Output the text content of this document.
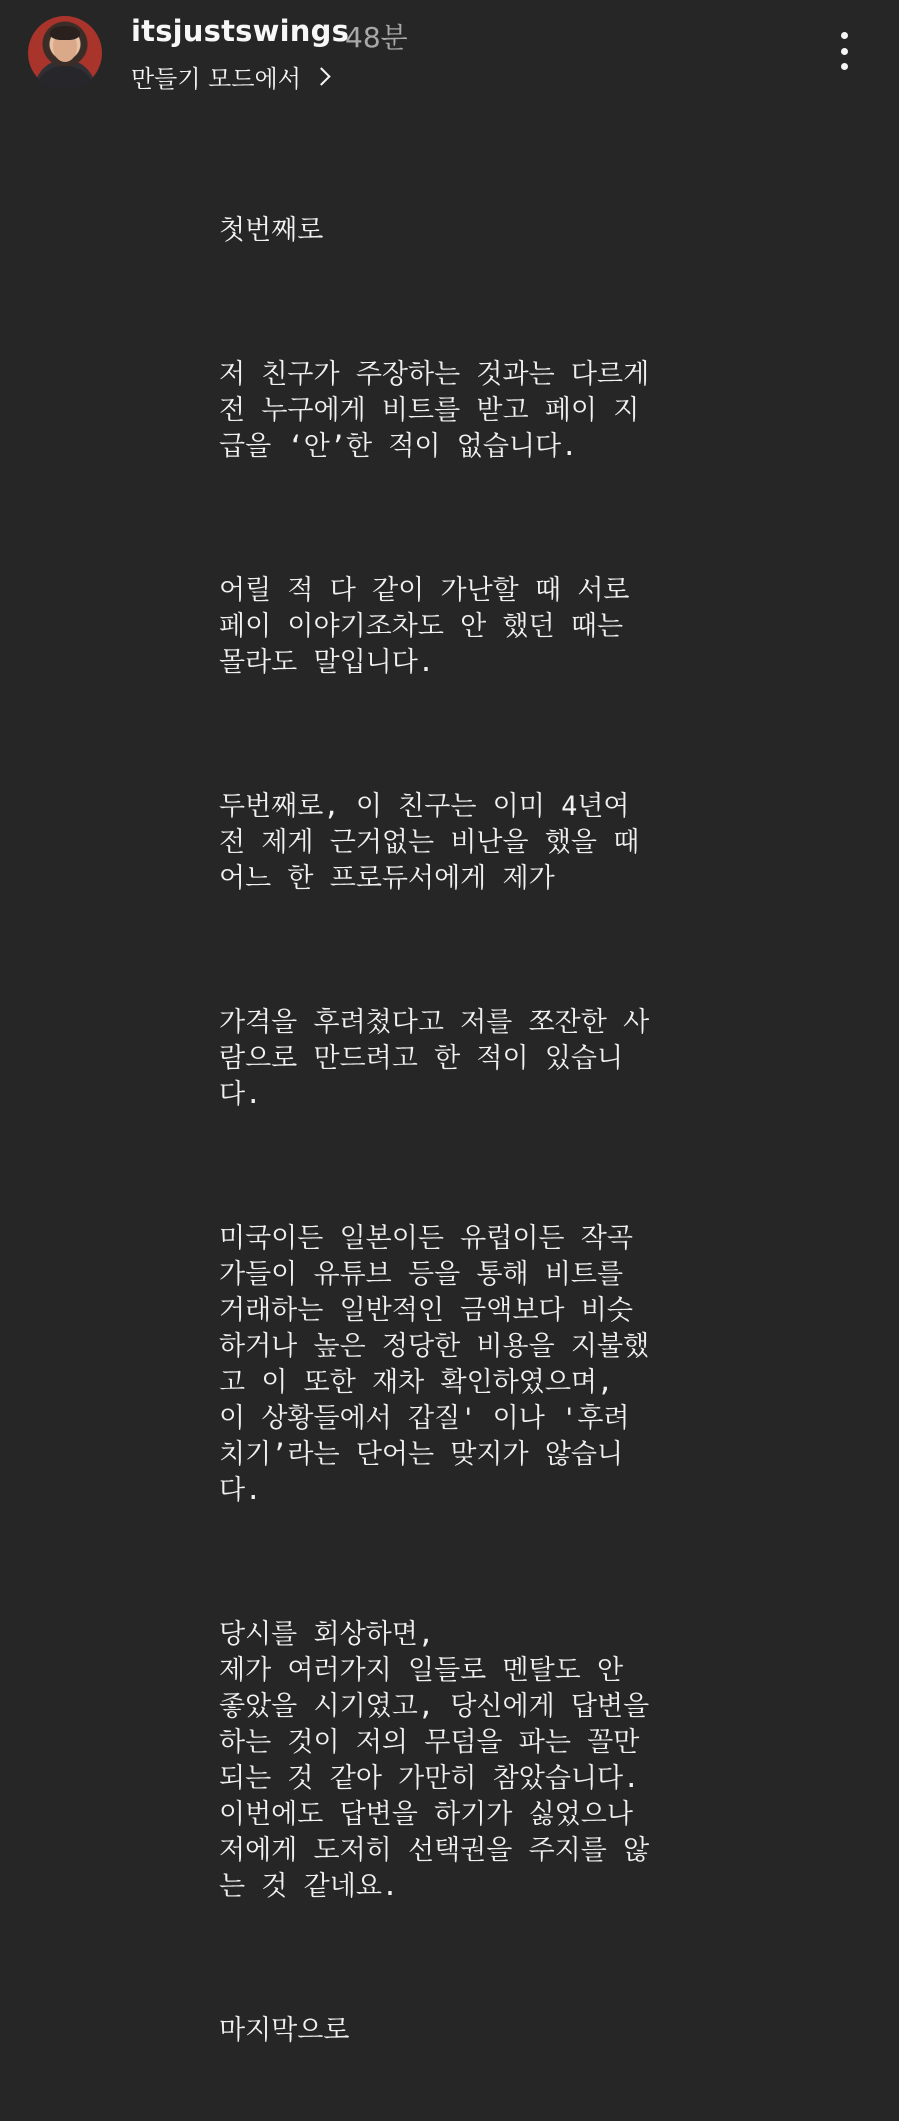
itsjustswings
48분
만들기 모드에서

첫번째로

저 친구가 주장하는 것과는 다르게
전 누구에게 비트를 받고 페이 지
급을 ‘안’한 적이 없습니다.

어릴 적 다 같이 가난할 때 서로
페이 이야기조차도 안 했던 때는
몰라도 말입니다.

두번째로, 이 친구는 이미 4년여
전 제게 근거없는 비난을 했을 때
어느 한 프로듀서에게 제가

가격을 후려쳤다고 저를 쪼잔한 사
람으로 만드려고 한 적이 있습니
다.

미국이든 일본이든 유럽이든 작곡
가들이 유튜브 등을 통해 비트를
거래하는 일반적인 금액보다 비슷
하거나 높은 정당한 비용을 지불했
고 이 또한 재차 확인하였으며,
이 상황들에서 갑질' 이나 '후려
치기’라는 단어는 맞지가 않습니
다.

당시를 회상하면,
제가 여러가지 일들로 멘탈도 안
좋았을 시기였고, 당신에게 답변을
하는 것이 저의 무덤을 파는 꼴만
되는 것 같아 가만히 참았습니다.
이번에도 답변을 하기가 싫었으나
저에게 도저히 선택권을 주지를 않
는 것 같네요.

마지막으로
